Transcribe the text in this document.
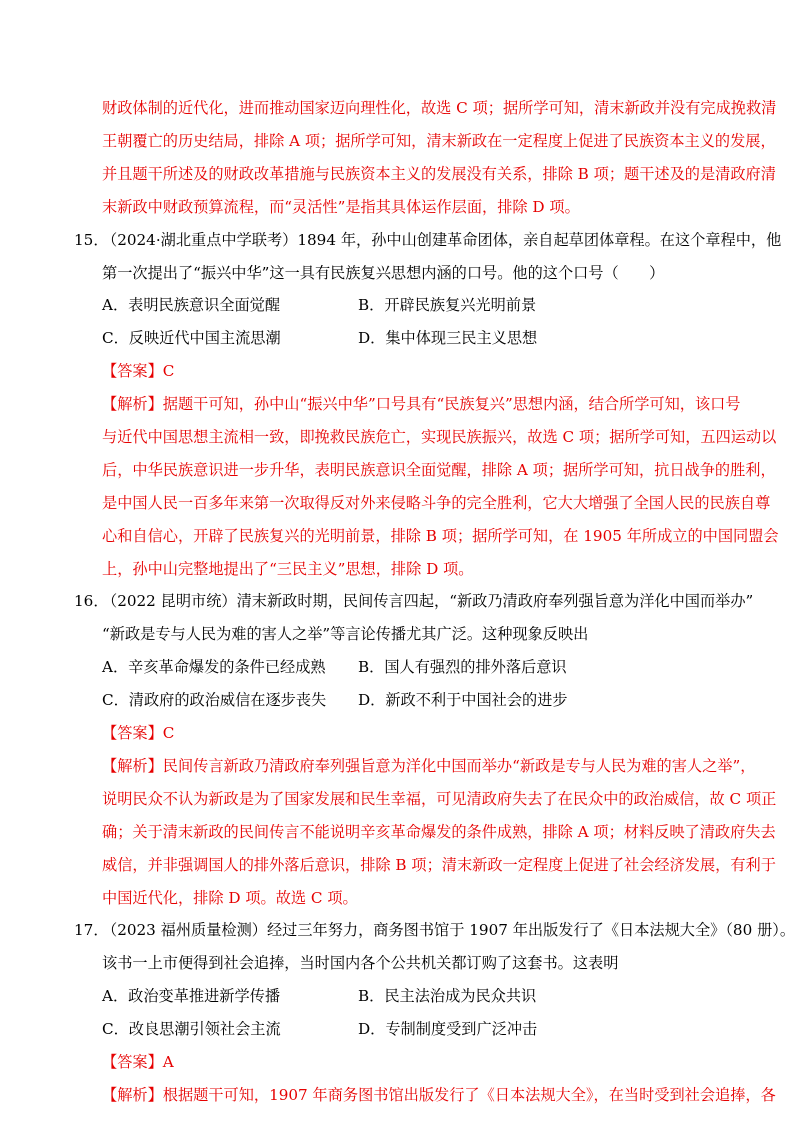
财政体制的近代化，进而推动国家迈向理性化，故选 C 项；据所学可知，清末新政并没有完成挽救清
王朝覆亡的历史结局，排除 A 项；据所学可知，清末新政在一定程度上促进了民族资本主义的发展，
并且题干所述及的财政改革措施与民族资本主义的发展没有关系，排除 B 项；题干述及的是清政府清
末新政中财政预算流程，而“灵活性”是指其具体运作层面，排除 D 项。
15．
（2024·湖北重点中学联考）1894 年，孙中山创建革命团体，亲自起草团体章程。在这个章程中，他
第一次提出了“振兴中华”这一具有民族复兴思想内涵的口号。他的这个口号（　　）
A．表明民族意识全面觉醒	B．开辟民族复兴光明前景
C．反映近代中国主流思潮	D．集中体现三民主义思想
【答案】C
【解析】据题干可知，孙中山“振兴中华”口号具有“民族复兴”思想内涵，结合所学可知，该口号
与近代中国思想主流相一致，即挽救民族危亡，实现民族振兴，故选 C 项；据所学可知，五四运动以
后，中华民族意识进一步升华，表明民族意识全面觉醒，排除 A 项；据所学可知，抗日战争的胜利，
是中国人民一百多年来第一次取得反对外来侵略斗争的完全胜利，它大大增强了全国人民的民族自尊
心和自信心，开辟了民族复兴的光明前景，排除 B 项；据所学可知，在 1905 年所成立的中国同盟会
上，孙中山完整地提出了“三民主义”思想，排除 D 项。
16．
（2022 昆明市统）清末新政时期，民间传言四起，“新政乃清政府奉列强旨意为洋化中国而举办”
“新政是专与人民为难的害人之举”等言论传播尤其广泛。这种现象反映出
A．辛亥革命爆发的条件已经成熟 B．国人有强烈的排外落后意识
C．清政府的政治威信在逐步丧失 D．新政不利于中国社会的进步
【答案】C
【解析】民间传言新政乃清政府奉列强旨意为洋化中国而举办“新政是专与人民为难的害人之举”，
说明民众不认为新政是为了国家发展和民生幸福，可见清政府失去了在民众中的政治威信，故 C 项正
确；关于清末新政的民间传言不能说明辛亥革命爆发的条件成熟，排除 A 项；材料反映了清政府失去
威信，并非强调国人的排外落后意识，排除 B 项；清末新政一定程度上促进了社会经济发展，有利于
中国近代化，排除 D 项。故选 C 项。
17．
（2023 福州质量检测）经过三年努力，商务图书馆于 1907 年出版发行了《日本法规大全》（80 册）。
该书一上市便得到社会追捧，当时国内各个公共机关都订购了这套书。这表明
A．政治变革推进新学传播	B．民主法治成为民众共识
C．改良思潮引领社会主流	D．专制制度受到广泛冲击
【答案】A
【解析】根据题干可知，1907 年商务图书馆出版发行了《日本法规大全》，在当时受到社会追捧，各
